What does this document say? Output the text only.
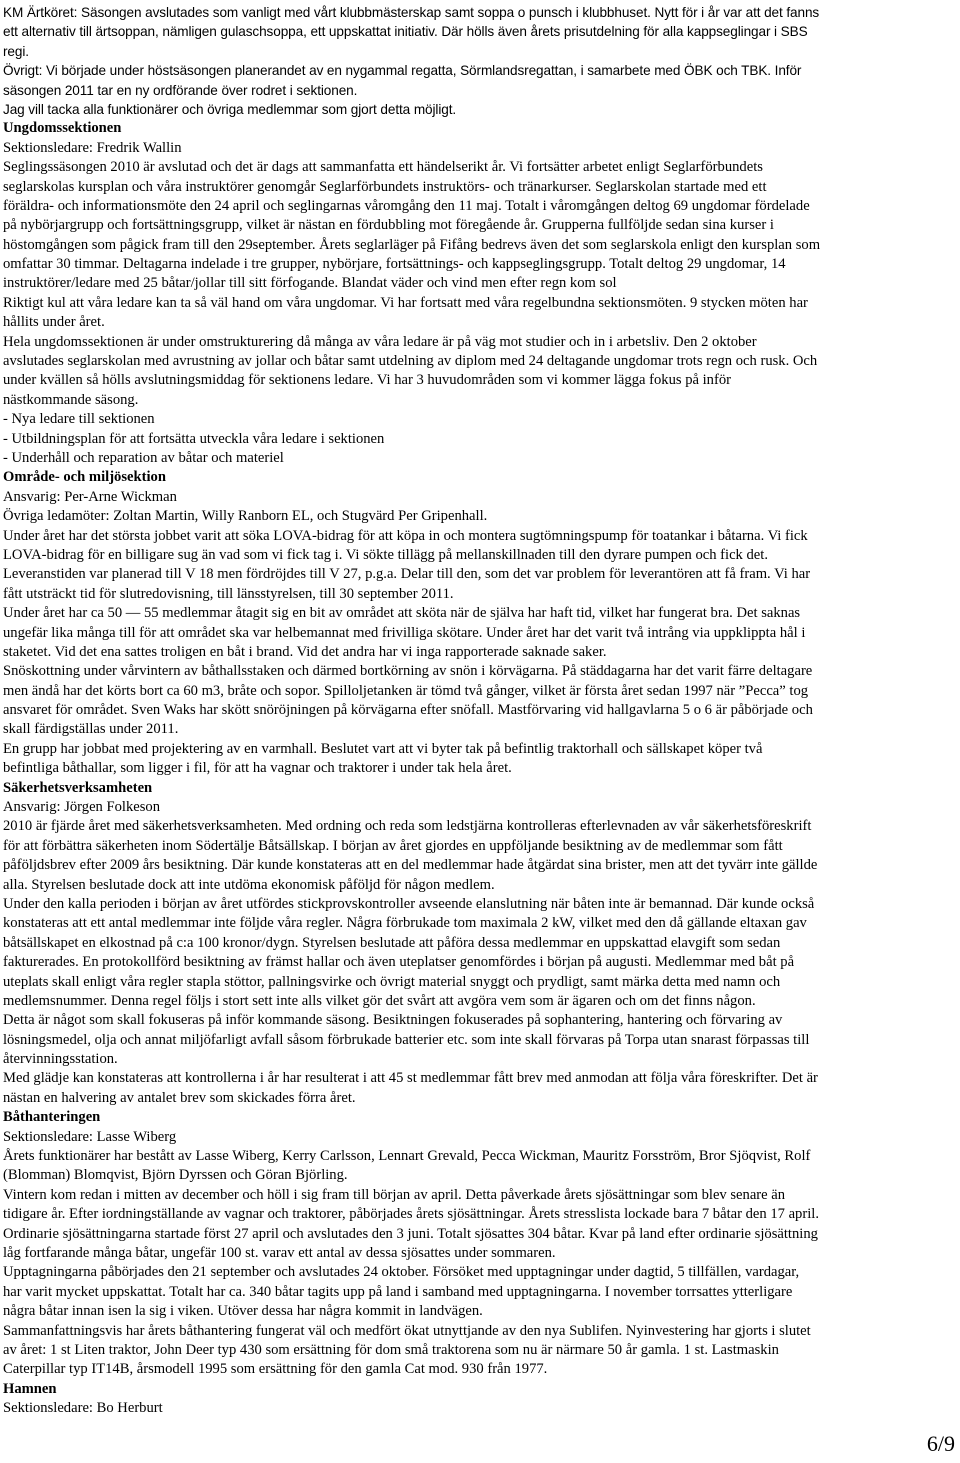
KM Ärtköret: Säsongen avslutades som vanligt med vårt klubbmästerskap samt soppa o punsch i klubbhuset. Nytt för i år var att det fanns
ett alternativ till ärtsoppan, nämligen gulaschsoppa, ett uppskattat initiativ. Där hölls även årets prisutdelning för alla kappseglingar i SBS
regi.
Övrigt: Vi började under höstsäsongen planerandet av en nygammal regatta, Sörmlandsregattan, i samarbete med ÖBK och TBK. Inför
säsongen 2011 tar en ny ordförande över rodret i sektionen.
Jag vill tacka alla funktionärer och övriga medlemmar som gjort detta möjligt.
Ungdomssektionen
Sektionsledare: Fredrik Wallin
Seglingssäsongen 2010 är avslutad och det är dags att sammanfatta ett händelserikt år. Vi fortsätter arbetet enligt Seglarförbundets
seglarskolas kursplan och våra instruktörer genomgår Seglarförbundets instruktörs- och tränarkurser. Seglarskolan startade med ett
föräldra- och informationsmöte den 24 april och seglingarnas våromgång den 11 maj. Totalt i våromgången deltog 69 ungdomar fördelade
på nybörjargrupp och fortsättningsgrupp, vilket är nästan en fördubbling mot föregående år. Grupperna fullföljde sedan sina kurser i
höstomgången som pågick fram till den 29september. Årets seglarläger på Fifång bedrevs även det som seglarskola enligt den kursplan som
omfattar 30 timmar. Deltagarna indelade i tre grupper, nybörjare, fortsättnings- och kappseglingsgrupp. Totalt deltog 29 ungdomar, 14
instruktörer/ledare med 25 båtar/jollar till sitt förfogande. Blandat väder och vind men efter regn kom sol
Riktigt kul att våra ledare kan ta så väl hand om våra ungdomar. Vi har fortsatt med våra regelbundna sektionsmöten. 9 stycken möten har
hållits under året.
Hela ungdomssektionen är under omstrukturering då många av våra ledare är på väg mot studier och in i arbetsliv. Den 2 oktober
avslutades seglarskolan med avrustning av jollar och båtar samt utdelning av diplom med 24 deltagande ungdomar trots regn och rusk. Och
under kvällen så hölls avslutningsmiddag för sektionens ledare. Vi har 3 huvudområden som vi kommer lägga fokus på inför
nästkommande säsong.
- Nya ledare till sektionen
- Utbildningsplan för att fortsätta utveckla våra ledare i sektionen
- Underhåll och reparation av båtar och materiel
Område- och miljösektion
Ansvarig: Per-Arne Wickman
Övriga ledamöter: Zoltan Martin, Willy Ranborn EL, och Stugvärd Per Gripenhall.
Under året har det största jobbet varit att söka LOVA-bidrag för att köpa in och montera sugtömningspump för toatankar i båtarna. Vi fick
LOVA-bidrag för en billigare sug än vad som vi fick tag i. Vi sökte tillägg på mellanskillnaden till den dyrare pumpen och fick det.
Leveranstiden var planerad till V 18 men fördröjdes till V 27, p.g.a. Delar till den, som det var problem för leverantören att få fram. Vi har
fått utsträckt tid för slutredovisning, till länsstyrelsen, till 30 september 2011.
Under året har ca 50 — 55 medlemmar åtagit sig en bit av området att sköta när de själva har haft tid, vilket har fungerat bra. Det saknas
ungefär lika många till för att området ska var helbemannat med frivilliga skötare. Under året har det varit två intrång via uppklippta hål i
staketet. Vid det ena sattes troligen en båt i brand. Vid det andra har vi inga rapporterade saknade saker.
Snöskottning under vårvintern av båthallsstaken och därmed bortkörning av snön i körvägarna. På städdagarna har det varit färre deltagare
men ändå har det körts bort ca 60 m3, bråte och sopor. Spilloljetanken är tömd två gånger, vilket är första året sedan 1997 när ”Pecca” tog
ansvaret för området. Sven Waks har skött snöröjningen på körvägarna efter snöfall. Mastförvaring vid hallgavlarna 5 o 6 är påbörjade och
skall färdigställas under 2011.
En grupp har jobbat med projektering av en varmhall. Beslutet vart att vi byter tak på befintlig traktorhall och sällskapet köper två
befintliga båthallar, som ligger i fil, för att ha vagnar och traktorer i under tak hela året.
Säkerhetsverksamheten
Ansvarig: Jörgen Folkeson
2010 är fjärde året med säkerhetsverksamheten. Med ordning och reda som ledstjärna kontrolleras efterlevnaden av vår säkerhetsföreskrift
för att förbättra säkerheten inom Södertälje Båtsällskap. I början av året gjordes en uppföljande besiktning av de medlemmar som fått
påföljdsbrev efter 2009 års besiktning. Där kunde konstateras att en del medlemmar hade åtgärdat sina brister, men att det tyvärr inte gällde
alla. Styrelsen beslutade dock att inte utdöma ekonomisk påföljd för någon medlem.
Under den kalla perioden i början av året utfördes stickprovskontroller avseende elanslutning när båten inte är bemannad. Där kunde också
konstateras att ett antal medlemmar inte följde våra regler. Några förbrukade tom maximala 2 kW, vilket med den då gällande eltaxan gav
båtsällskapet en elkostnad på c:a 100 kronor/dygn. Styrelsen beslutade att påföra dessa medlemmar en uppskattad elavgift som sedan
fakturerades. En protokollförd besiktning av främst hallar och även uteplatser genomfördes i början på augusti. Medlemmar med båt på
uteplats skall enligt våra regler stapla stöttor, pallningsvirke och övrigt material snyggt och prydligt, samt märka detta med namn och
medlemsnummer. Denna regel följs i stort sett inte alls vilket gör det svårt att avgöra vem som är ägaren och om det finns någon.
Detta är något som skall fokuseras på inför kommande säsong. Besiktningen fokuserades på sophantering, hantering och förvaring av
lösningsmedel, olja och annat miljöfarligt avfall såsom förbrukade batterier etc. som inte skall förvaras på Torpa utan snarast förpassas till
återvinningsstation.
Med glädje kan konstateras att kontrollerna i år har resulterat i att 45 st medlemmar fått brev med anmodan att följa våra föreskrifter. Det är
nästan en halvering av antalet brev som skickades förra året.
Båthanteringen
Sektionsledare: Lasse Wiberg
Årets funktionärer har bestått av Lasse Wiberg, Kerry Carlsson, Lennart Grevald, Pecca Wickman, Mauritz Forsström, Bror Sjöqvist, Rolf
(Blomman) Blomqvist, Björn Dyrssen och Göran Björling.
Vintern kom redan i mitten av december och höll i sig fram till början av april. Detta påverkade årets sjösättningar som blev senare än
tidigare år. Efter iordningställande av vagnar och traktorer, påbörjades årets sjösättningar. Årets stresslista lockade bara 7 båtar den 17 april.
Ordinarie sjösättningarna startade först 27 april och avslutades den 3 juni. Totalt sjösattes 304 båtar. Kvar på land efter ordinarie sjösättning
låg fortfarande många båtar, ungefär 100 st. varav ett antal av dessa sjösattes under sommaren.
Upptagningarna påbörjades den 21 september och avslutades 24 oktober. Försöket med upptagningar under dagtid, 5 tillfällen, vardagar,
har varit mycket uppskattat. Totalt har ca. 340 båtar tagits upp på land i samband med upptagningarna. I november torrsattes ytterligare
några båtar innan isen la sig i viken. Utöver dessa har några kommit in landvägen.
Sammanfattningsvis har årets båthantering fungerat väl och medfört ökat utnyttjande av den nya Sublifen. Nyinvestering har gjorts i slutet
av året: 1 st Liten traktor, John Deer typ 430 som ersättning för dom små traktorena som nu är närmare 50 år gamla. 1 st. Lastmaskin
Caterpillar typ IT14B, årsmodell 1995 som ersättning för den gamla Cat mod. 930 från 1977.
Hamnen
Sektionsledare: Bo Herburt
6/9
